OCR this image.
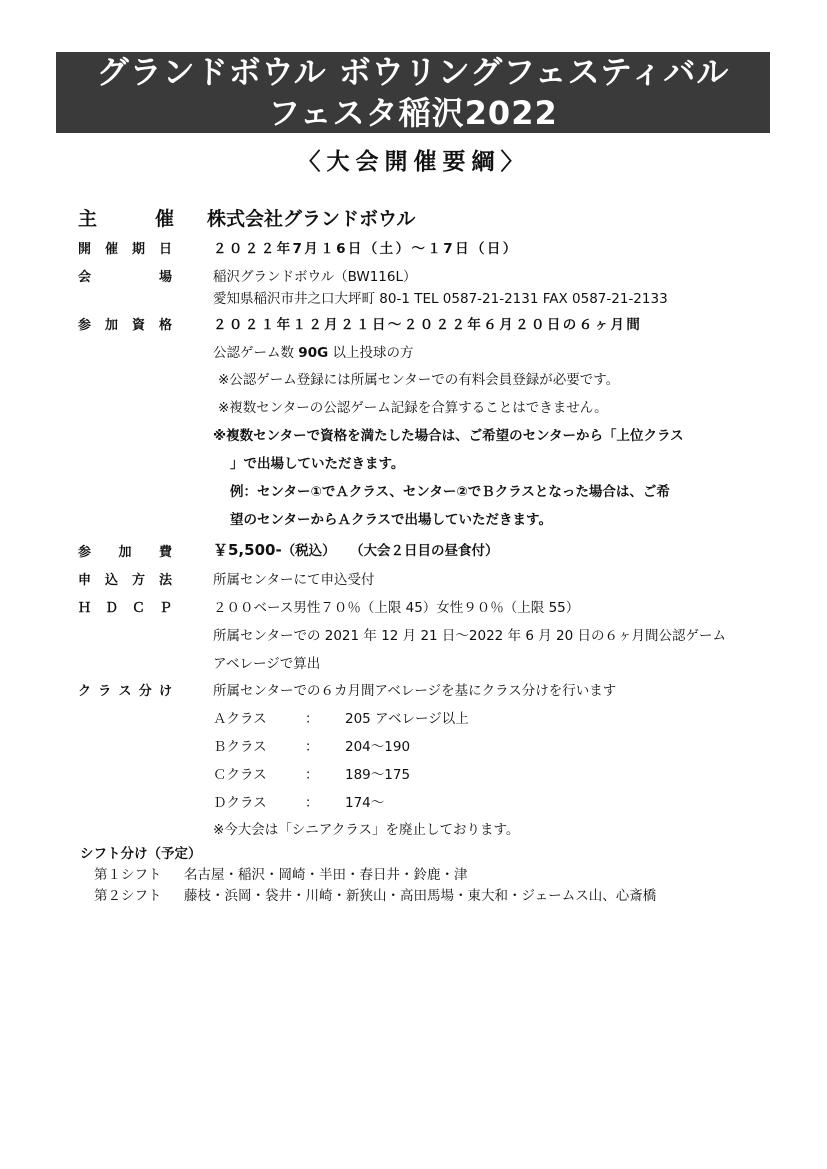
グランドボウル ボウリングフェスティバル
フェスタ稲沢2022
〈大会開催要綱〉
主	催 株式会社グランドボウル
開 催 期 日	２０２２年7月１6日（土）～１7日（日）
会	場	稲沢グランドボウル（BW116L）
愛知県稲沢市井之口大坪町 80-1 TEL 0587-21-2131 FAX 0587-21-2133
参 加 資 格	２０２１年１２月２１日～２０２２年６月２０日の６ヶ月間
公認ゲーム数 90G 以上投球の方
※公認ゲーム登録には所属センターでの有料会員登録が必要です。
※複数センターの公認ゲーム記録を合算することはできません。
※複数センターで資格を満たした場合は、ご希望のセンターから「上位クラス
」で出場していただきます。
例：センター①でＡクラス、センター②でＢクラスとなった場合は、ご希
望のセンターからＡクラスで出場していただきます。
参 加 費	￥5,500-（税込） （大会２日目の昼食付）
申 込 方 法	所属センターにて申込受付
Ｈ Ｄ Ｃ Ｐ	２００ベース男性７０％（上限 45）女性９０％（上限 55）
所属センターでの 2021 年 12 月 21 日～2022 年 6 月 20 日の６ヶ月間公認ゲーム
アベレージで算出
ク ラ ス 分 け	所属センターでの６カ月間アベレージを基にクラス分けを行います
Ａクラス	： 205 アベレージ以上
Ｂクラス	： 204～190
Ｃクラス	： 189～175
Ｄクラス	： 174～
※今大会は「シニアクラス」を廃止しております。
シフト分け（予定）
第１シフト 名古屋・稲沢・岡崎・半田・春日井・鈴鹿・津
第２シフト 藤枝・浜岡・袋井・川崎・新狭山・高田馬場・東大和・ジェームス山、心斎橋
